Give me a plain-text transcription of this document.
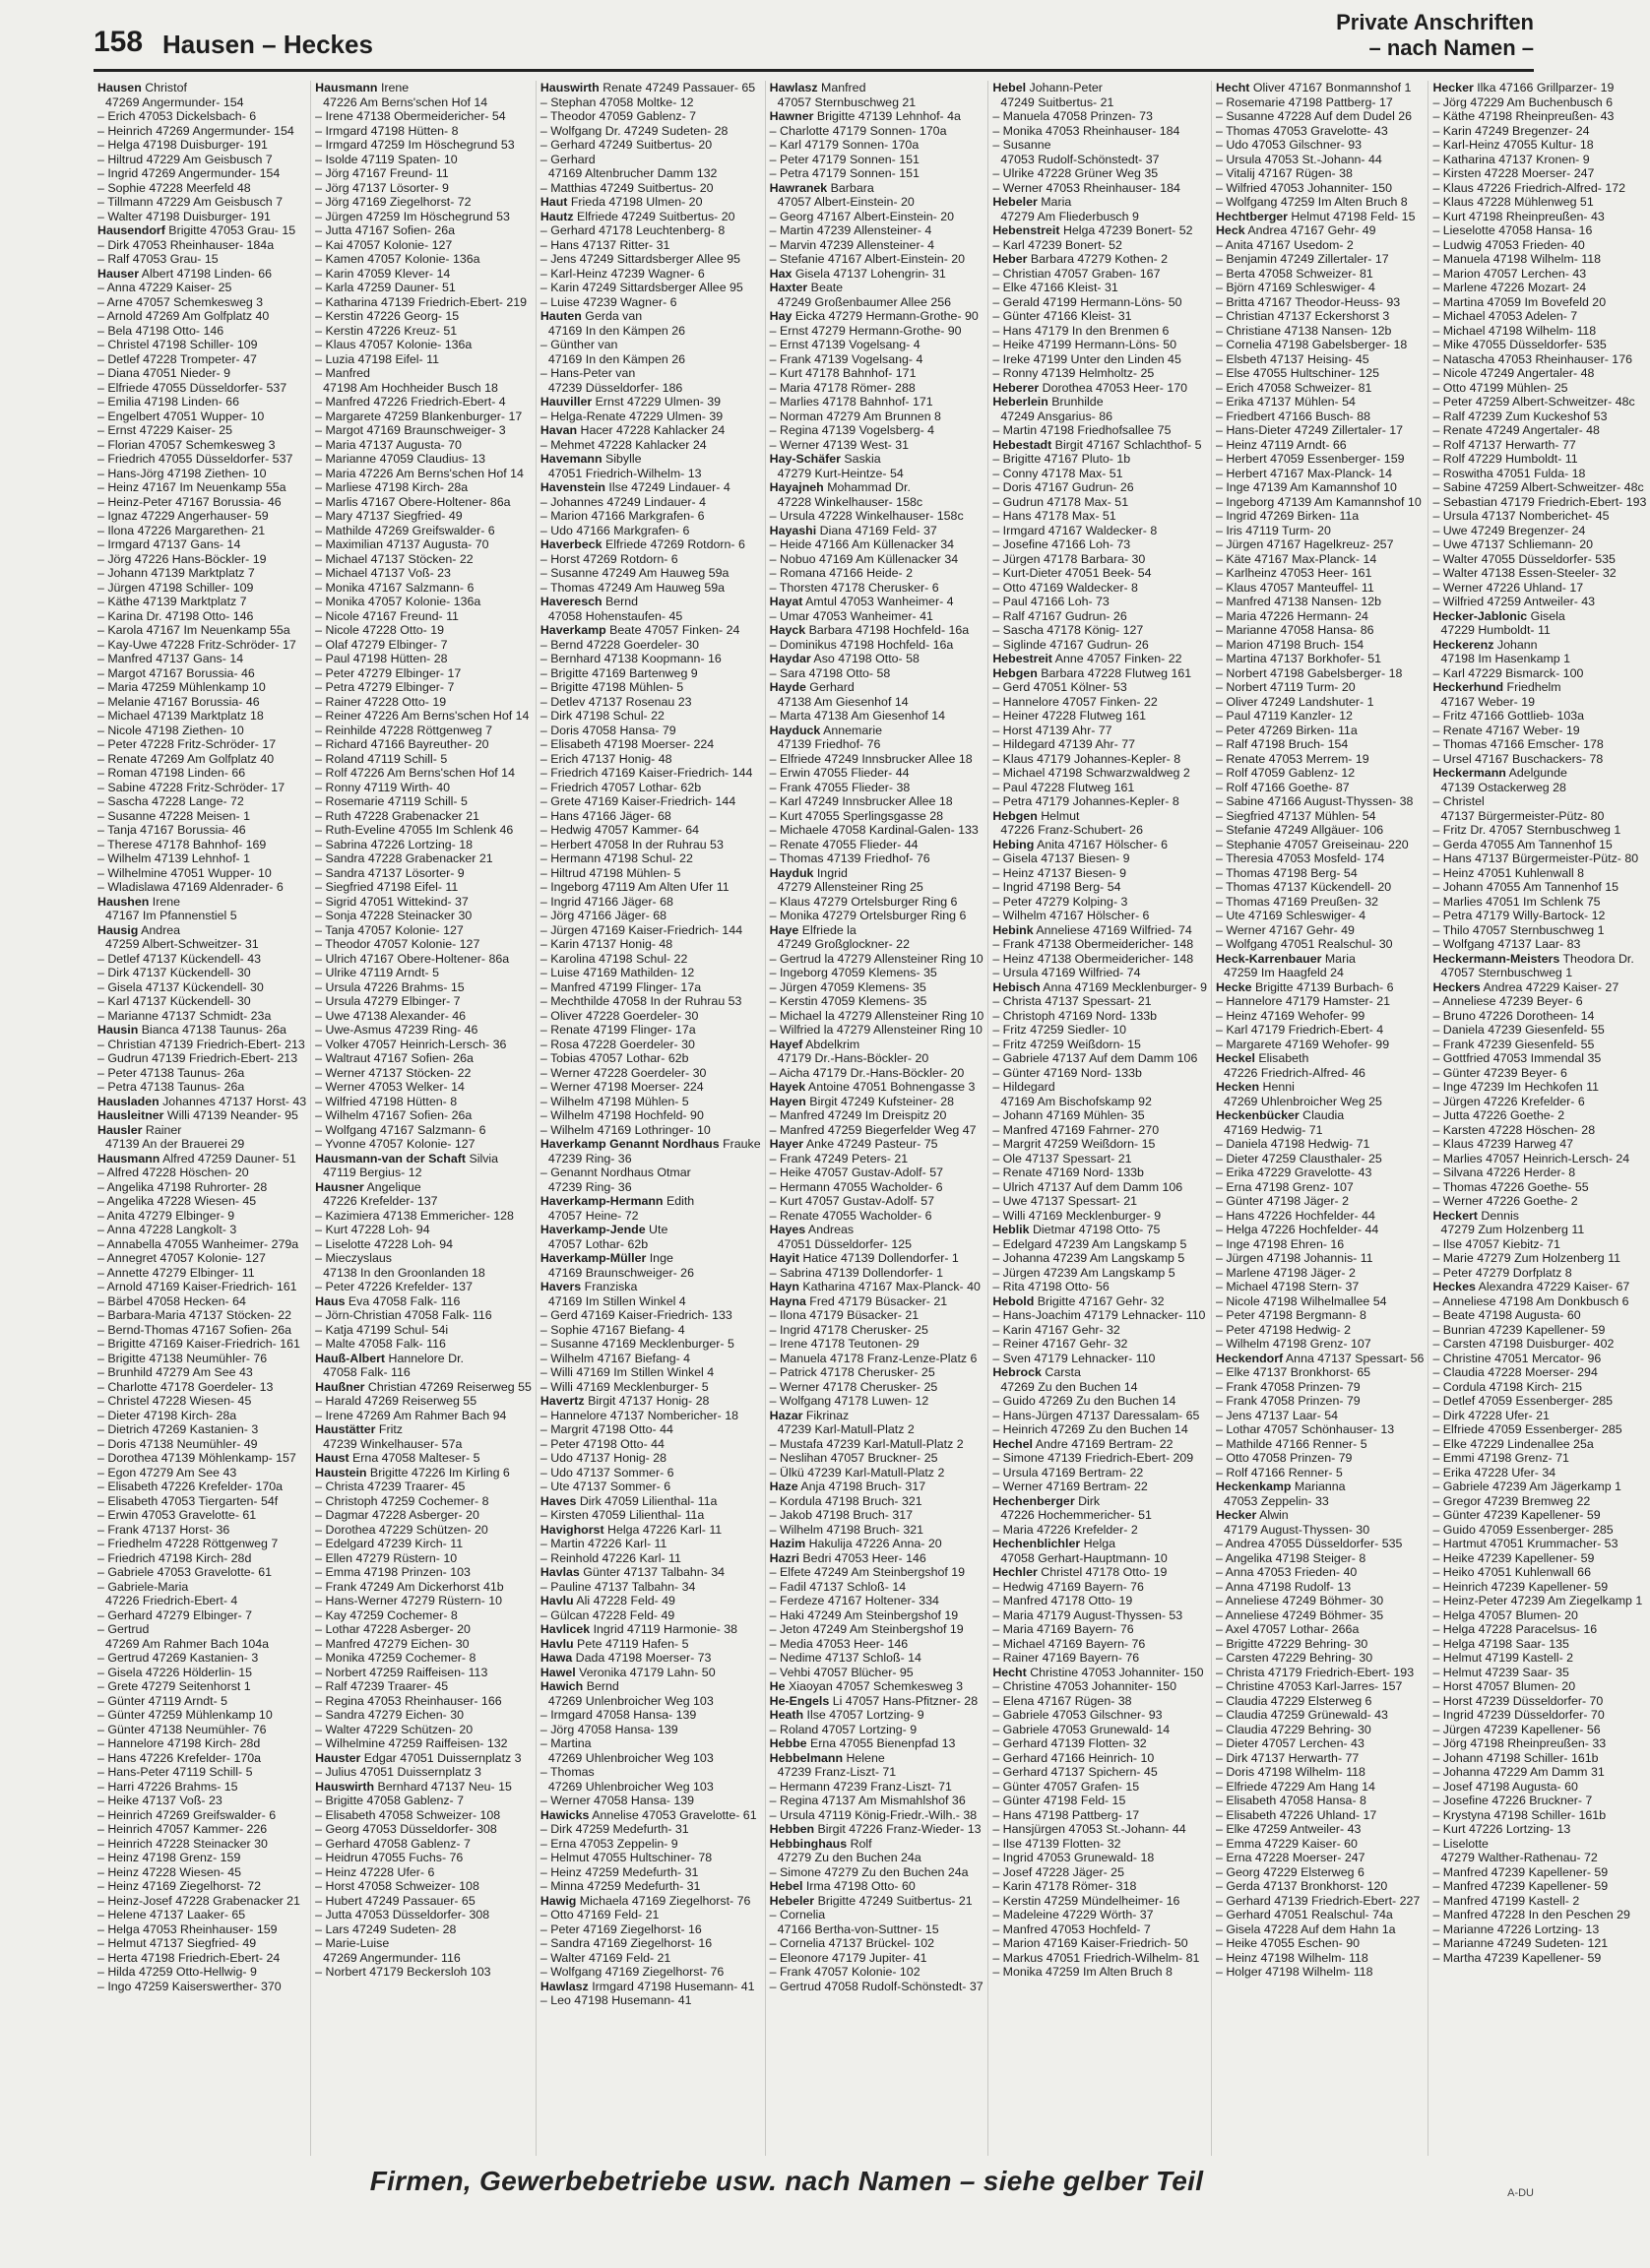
158 Hausen – Heckes
Private Anschriften
– nach Namen –
Hausen Christof
47269 Angermunder- 154
– Erich 47053 Dickelsbach- 6
– Heinrich 47269 Angermunder- 154
– Helga 47198 Duisburger- 191
– Hiltrud 47229 Am Geisbusch 7
– Ingrid 47269 Angermunder- 154
– Sophie 47228 Meerfeld 48
– Tillmann 47229 Am Geisbusch 7
– Walter 47198 Duisburger- 191
Hausendorf Brigitte 47053 Grau- 15
– Dirk 47053 Rheinhauser- 184a
– Ralf 47053 Grau- 15
Hauser Albert 47198 Linden- 66
– Anna 47229 Kaiser- 25
– Arne 47057 Schemkesweg 3
– Arnold 47269 Am Golfplatz 40
– Bela 47198 Otto- 146
– Christel 47198 Schiller- 109
– Detlef 47228 Trompeter- 47
– Diana 47051 Nieder- 9
– Elfriede 47055 Düsseldorfer- 537
– Emilia 47198 Linden- 66
– Engelbert 47051 Wupper- 10
– Ernst 47229 Kaiser- 25
– Florian 47057 Schemkesweg 3
– Friedrich 47055 Düsseldorfer- 537
– Hans-Jörg 47198 Ziethen- 10
– Heinz 47167 Im Neuenkamp 55a
– Heinz-Peter 47167 Borussia- 46
– Ignaz 47229 Angerhauser- 59
– Ilona 47226 Margarethen- 21
– Irmgard 47137 Gans- 14
– Jörg 47226 Hans-Böckler- 19
– Johann 47139 Marktplatz 7
– Jürgen 47198 Schiller- 109
– Käthe 47139 Marktplatz 7
– Karina Dr. 47198 Otto- 146
– Karola 47167 Im Neuenkamp 55a
– Kay-Uwe 47228 Fritz-Schröder- 17
– Manfred 47137 Gans- 14
– Margot 47167 Borussia- 46
– Maria 47259 Mühlenkamp 10
– Melanie 47167 Borussia- 46
– Michael 47139 Marktplatz 18
– Nicole 47198 Ziethen- 10
– Peter 47228 Fritz-Schröder- 17
– Renate 47269 Am Golfplatz 40
– Roman 47198 Linden- 66
– Sabine 47228 Fritz-Schröder- 17
– Sascha 47228 Lange- 72
– Susanne 47228 Meisen- 1
– Tanja 47167 Borussia- 46
– Therese 47178 Bahnhof- 169
– Wilhelm 47139 Lehnhof- 1
– Wilhelmine 47051 Wupper- 10
– Wladislawa 47169 Aldenrader- 6
Haushen Irene
47167 Im Pfannenstiel 5
Hausig Andrea
47259 Albert-Schweitzer- 31
– Detlef 47137 Kückendell- 43
– Dirk 47137 Kückendell- 30
– Gisela 47137 Kückendell- 30
– Karl 47137 Kückendell- 30
– Marianne 47137 Schmidt- 23a
Hausin Bianca 47138 Taunus- 26a
– Christian 47139 Friedrich-Ebert- 213
– Gudrun 47139 Friedrich-Ebert- 213
– Peter 47138 Taunus- 26a
– Petra 47138 Taunus- 26a
Hausladen Johannes 47137 Horst- 43
Hausleitner Willi 47139 Neander- 95
Hausler Rainer
47139 An der Brauerei 29
Hausmann Alfred 47259 Dauner- 51
– Alfred 47228 Höschen- 20
– Angelika 47198 Ruhrorter- 28
– Angelika 47228 Wiesen- 45
– Anita 47279 Elbinger- 9
– Anna 47228 Langkolt- 3
– Annabella 47055 Wanheimer- 279a
– Annegret 47057 Kolonie- 127
– Annette 47279 Elbinger- 11
– Arnold 47169 Kaiser-Friedrich- 161
– Bärbel 47058 Hecken- 64
– Barbara-Maria 47137 Stöcken- 22
– Bernd-Thomas 47167 Sofien- 26a
– Brigitte 47169 Kaiser-Friedrich- 161
– Brigitte 47138 Neumühler- 76
– Brunhild 47279 Am See 43
– Charlotte 47178 Goerdeler- 13
– Christel 47228 Wiesen- 45
– Dieter 47198 Kirch- 28a
– Dietrich 47269 Kastanien- 3
– Doris 47138 Neumühler- 49
– Dorothea 47139 Möhlenkamp- 157
– Egon 47279 Am See 43
– Elisabeth 47226 Krefelder- 170a
– Elisabeth 47053 Tiergarten- 54f
– Erwin 47053 Gravelotte- 61
– Frank 47137 Horst- 36
– Friedhelm 47228 Röttgenweg 7
– Friedrich 47198 Kirch- 28d
– Gabriele 47053 Gravelotte- 61
– Gabriele-Maria
47226 Friedrich-Ebert- 4
– Gerhard 47279 Elbinger- 7
– Gertrud
47269 Am Rahmer Bach 104a
– Gertrud 47269 Kastanien- 3
– Gisela 47226 Hölderlin- 15
– Grete 47279 Seitenhorst 1
– Günter 47119 Arndt- 5
– Günter 47259 Mühlenkamp 10
– Günter 47138 Neumühler- 76
– Hannelore 47198 Kirch- 28d
– Hans 47226 Krefelder- 170a
– Hans-Peter 47119 Schill- 5
– Harri 47226 Brahms- 15
– Heike 47137 Voß- 23
– Heinrich 47269 Greifswalder- 6
– Heinrich 47057 Kammer- 226
– Heinrich 47228 Steinacker 30
– Heinz 47198 Grenz- 159
– Heinz 47228 Wiesen- 45
– Heinz 47169 Ziegelhorst- 72
– Heinz-Josef 47228 Grabenacker 21
– Helene 47137 Laaker- 65
– Helga 47053 Rheinhauser- 159
– Helmut 47137 Siegfried- 49
– Herta 47198 Friedrich-Ebert- 24
– Hilda 47259 Otto-Hellwig- 9
– Ingo 47259 Kaiserswerther- 370
Hausmann Irene
47226 Am Berns'schen Hof 14
– Irene 47138 Obermeidericher- 54
– Irmgard 47198 Hütten- 8
– Irmgard 47259 Im Höschegrund 53
– Isolde 47119 Spaten- 10
– Jörg 47167 Freund- 11
– Jörg 47137 Lösorter- 9
– Jörg 47169 Ziegelhorst- 72
– Jürgen 47259 Im Höschegrund 53
– Jutta 47167 Sofien- 26a
– Kai 47057 Kolonie- 127
– Kamen 47057 Kolonie- 136a
– Karin 47059 Klever- 14
– Karla 47259 Dauner- 51
– Katharina 47139 Friedrich-Ebert- 219
– Kerstin 47226 Georg- 15
– Kerstin 47226 Kreuz- 51
– Klaus 47057 Kolonie- 136a
– Luzia 47198 Eifel- 11
– Manfred
47198 Am Hochheider Busch 18
– Manfred 47226 Friedrich-Ebert- 4
– Margarete 47259 Blankenburger- 17
– Margot 47169 Braunschweiger- 3
– Maria 47137 Augusta- 70
– Marianne 47059 Claudius- 13
– Maria 47226 Am Berns'schen Hof 14
– Marliese 47198 Kirch- 28a
– Marlis 47167 Obere-Holtener- 86a
– Mary 47137 Siegfried- 49
– Mathilde 47269 Greifswalder- 6
– Maximilian 47137 Augusta- 70
– Michael 47137 Stöcken- 22
– Michael 47137 Voß- 23
– Monika 47167 Salzmann- 6
– Monika 47057 Kolonie- 136a
– Nicole 47167 Freund- 11
– Nicole 47228 Otto- 19
– Olaf 47279 Elbinger- 7
– Paul 47198 Hütten- 28
– Peter 47279 Elbinger- 17
– Petra 47279 Elbinger- 7
– Rainer 47228 Otto- 19
– Reiner 47226 Am Berns'schen Hof 14
– Reinhilde 47228 Röttgenweg 7
– Richard 47166 Bayreuther- 20
– Roland 47119 Schill- 5
– Rolf 47226 Am Berns'schen Hof 14
– Ronny 47119 Wirth- 40
– Rosemarie 47119 Schill- 5
– Ruth 47228 Grabenacker 21
– Ruth-Eveline 47055 Im Schlenk 46
– Sabrina 47226 Lortzing- 18
– Sandra 47228 Grabenacker 21
– Sandra 47137 Lösorter- 9
– Siegfried 47198 Eifel- 11
– Sigrid 47051 Wittekind- 37
– Sonja 47228 Steinacker 30
– Tanja 47057 Kolonie- 127
– Theodor 47057 Kolonie- 127
– Ulrich 47167 Obere-Holtener- 86a
– Ulrike 47119 Arndt- 5
– Ursula 47226 Brahms- 15
– Ursula 47279 Elbinger- 7
– Uwe 47138 Alexander- 46
– Uwe-Asmus 47239 Ring- 46
– Volker 47057 Heinrich-Lersch- 36
– Waltraut 47167 Sofien- 26a
– Werner 47137 Stöcken- 22
– Werner 47053 Welker- 14
– Wilfried 47198 Hütten- 8
– Wilhelm 47167 Sofien- 26a
– Wolfgang 47167 Salzmann- 6
– Yvonne 47057 Kolonie- 127
Hausmann-van der Schaft Silvia
47119 Bergius- 12
Hausner Angelique
47226 Krefelder- 137
– Kazimiera 47138 Emmericher- 128
– Kurt 47228 Loh- 94
– Liselotte 47228 Loh- 94
– Mieczyslaus
47138 In den Groonlanden 18
– Peter 47226 Krefelder- 137
Haus Eva 47058 Falk- 116
– Jörn-Christian 47058 Falk- 116
– Katja 47199 Schul- 54i
– Malte 47058 Falk- 116
Hauß-Albert Hannelore Dr.
47058 Falk- 116
Haußner Christian 47269 Reiserweg 55
– Harald 47269 Reiserweg 55
– Irene 47269 Am Rahmer Bach 94
Haustätter Fritz
47239 Winkelhauser- 57a
Haust Erna 47058 Malteser- 5
Haustein Brigitte 47226 Im Kirling 6
– Christa 47239 Traarer- 45
– Christoph 47259 Cochemer- 8
– Dagmar 47228 Asberger- 20
– Dorothea 47229 Schützen- 20
– Edelgard 47239 Kirch- 11
– Ellen 47279 Rüstern- 10
– Emma 47198 Prinzen- 103
– Frank 47249 Am Dickerhorst 41b
– Hans-Werner 47279 Rüstern- 10
– Kay 47259 Cochemer- 8
– Lothar 47228 Asberger- 20
– Manfred 47279 Eichen- 30
– Monika 47259 Cochemer- 8
– Norbert 47259 Raiffeisen- 113
– Ralf 47239 Traarer- 45
– Regina 47053 Rheinhauser- 166
– Sandra 47279 Eichen- 30
– Walter 47229 Schützen- 20
– Wilhelmine 47259 Raiffeisen- 132
Hauster Edgar 47051 Duissernplatz 3
– Julius 47051 Duissernplatz 3
Hauswirth Bernhard 47137 Neu- 15
– Brigitte 47058 Gablenz- 7
– Elisabeth 47058 Schweizer- 108
– Georg 47053 Düsseldorfer- 308
– Gerhard 47058 Gablenz- 7
– Heidrun 47055 Fuchs- 76
– Heinz 47228 Ufer- 6
– Horst 47058 Schweizer- 108
– Hubert 47249 Passauer- 65
– Jutta 47053 Düsseldorfer- 308
– Lars 47249 Sudeten- 28
– Marie-Luise
47269 Angermunder- 116
– Norbert 47179 Beckersloh 103
Hauswirth Renate 47249 Passauer- 65
– Stephan 47058 Moltke- 12
– Theodor 47059 Gablenz- 7
– Wolfgang Dr. 47249 Sudeten- 28
– Gerhard 47249 Suitbertus- 20
– Gerhard
47169 Altenbrucher Damm 132
– Matthias 47249 Suitbertus- 20
Haut Frieda 47198 Ulmen- 20
Hautz Elfriede 47249 Suitbertus- 20
– Gerhard 47178 Leuchtenberg- 8
– Hans 47137 Ritter- 31
– Jens 47249 Sittardsberger Allee 95
– Karl-Heinz 47239 Wagner- 6
– Karin 47249 Sittardsberger Allee 95
– Luise 47239 Wagner- 6
Hauten Gerda van
47169 In den Kämpen 26
– Günther van
47169 In den Kämpen 26
– Hans-Peter van
47239 Düsseldorfer- 186
Hauviller Ernst 47229 Ulmen- 39
– Helga-Renate 47229 Ulmen- 39
Havan Hacer 47228 Kahlacker 24
– Mehmet 47228 Kahlacker 24
Havemann Sibylle
47051 Friedrich-Wilhelm- 13
Havenstein Ilse 47249 Lindauer- 4
– Johannes 47249 Lindauer- 4
– Marion 47166 Markgrafen- 6
– Udo 47166 Markgrafen- 6
Haverbeck Elfriede 47269 Rotdorn- 6
– Horst 47269 Rotdorn- 6
– Susanne 47249 Am Hauweg 59a
– Thomas 47249 Am Hauweg 59a
Haveresch Bernd
47058 Hohenstaufen- 45
Haverkamp Beate 47057 Finken- 24
– Bernd 47228 Goerdeler- 30
– Bernhard 47138 Koopmann- 16
– Brigitte 47169 Bartenweg 9
– Brigitte 47198 Mühlen- 5
– Detlev 47137 Rosenau 23
– Dirk 47198 Schul- 22
– Doris 47058 Hansa- 79
– Elisabeth 47198 Moerser- 224
– Erich 47137 Honig- 48
– Friedrich 47169 Kaiser-Friedrich- 144
– Friedrich 47057 Lothar- 62b
– Grete 47169 Kaiser-Friedrich- 144
– Hans 47166 Jäger- 68
– Hedwig 47057 Kammer- 64
– Herbert 47058 In der Ruhrau 53
– Hermann 47198 Schul- 22
– Hiltrud 47198 Mühlen- 5
– Ingeborg 47119 Am Alten Ufer 11
– Ingrid 47166 Jäger- 68
– Jörg 47166 Jäger- 68
– Jürgen 47169 Kaiser-Friedrich- 144
– Karin 47137 Honig- 48
– Karolina 47198 Schul- 22
– Luise 47169 Mathilden- 12
– Manfred 47199 Flinger- 17a
– Mechthilde 47058 In der Ruhrau 53
– Oliver 47228 Goerdeler- 30
– Renate 47199 Flinger- 17a
– Rosa 47228 Goerdeler- 30
– Tobias 47057 Lothar- 62b
– Werner 47228 Goerdeler- 30
– Werner 47198 Moerser- 224
– Wilhelm 47198 Mühlen- 5
– Wilhelm 47198 Hochfeld- 90
– Wilhelm 47169 Lothringer- 10
Haverkamp Genannt Nordhaus Frauke
47239 Ring- 36
– Genannt Nordhaus Otmar
47239 Ring- 36
Haverkamp-Hermann Edith
47057 Heine- 72
Haverkamp-Jende Ute
47057 Lothar- 62b
Haverkamp-Müller Inge
47169 Braunschweiger- 26
Havers Franziska
47169 Im Stillen Winkel 4
– Gerd 47169 Kaiser-Friedrich- 133
– Sophie 47167 Biefang- 4
– Susanne 47169 Mecklenburger- 5
– Wilhelm 47167 Biefang- 4
– Willi 47169 Im Stillen Winkel 4
– Willi 47169 Mecklenburger- 5
Havertz Birgit 47137 Honig- 28
– Hannelore 47137 Nombericher- 18
– Margrit 47198 Otto- 44
– Peter 47198 Otto- 44
– Udo 47137 Honig- 28
– Udo 47137 Sommer- 6
– Ute 47137 Sommer- 6
Haves Dirk 47059 Lilienthal- 11a
– Kirsten 47059 Lilienthal- 11a
Havighorst Helga 47226 Karl- 11
– Martin 47226 Karl- 11
– Reinhold 47226 Karl- 11
Havlas Günter 47137 Talbahn- 34
– Pauline 47137 Talbahn- 34
Havlu Ali 47228 Feld- 49
– Gülcan 47228 Feld- 49
Havlicek Ingrid 47119 Harmonie- 38
Havlu Pete 47119 Hafen- 5
Hawa Dada 47198 Moerser- 73
Hawel Veronika 47179 Lahn- 50
Hawich Bernd
47269 Unlenbroicher Weg 103
– Irmgard 47058 Hansa- 139
– Jörg 47058 Hansa- 139
– Martina
47269 Uhlenbroicher Weg 103
– Thomas
47269 Uhlenbroicher Weg 103
– Werner 47058 Hansa- 139
Hawicks Annelise 47053 Gravelotte- 61
– Dirk 47259 Medefurth- 31
– Erna 47053 Zeppelin- 9
– Helmut 47055 Hultschiner- 78
– Heinz 47259 Medefurth- 31
– Minna 47259 Medefurth- 31
Hawig Michaela 47169 Ziegelhorst- 76
– Otto 47169 Feld- 21
– Peter 47169 Ziegelhorst- 16
– Sandra 47169 Ziegelhorst- 16
– Walter 47169 Feld- 21
– Wolfgang 47169 Ziegelhorst- 76
Hawlasz Irmgard 47198 Husemann- 41
– Leo 47198 Husemann- 41
Hawlasz Manfred
47057 Sternbuschweg 21
Hawner Brigitte 47139 Lehnhof- 4a
– Charlotte 47179 Sonnen- 170a
– Karl 47179 Sonnen- 170a
– Peter 47179 Sonnen- 151
– Petra 47179 Sonnen- 151
Hawranek Barbara
47057 Albert-Einstein- 20
– Georg 47167 Albert-Einstein- 20
– Martin 47239 Allensteiner- 4
– Marvin 47239 Allensteiner- 4
– Stefanie 47167 Albert-Einstein- 20
Hax Gisela 47137 Lohengrin- 31
Haxter Beate
47249 Großenbaumer Allee 256
Hay Eicka 47279 Hermann-Grothe- 90
– Ernst 47279 Hermann-Grothe- 90
– Ernst 47139 Vogelsang- 4
– Frank 47139 Vogelsang- 4
– Kurt 47178 Bahnhof- 171
– Maria 47178 Römer- 288
– Marlies 47178 Bahnhof- 171
– Norman 47279 Am Brunnen 8
– Regina 47139 Vogelsberg- 4
– Werner 47139 West- 31
Hay-Schäfer Saskia
47279 Kurt-Heintze- 54
Hayajneh Mohammad Dr.
47228 Winkelhauser- 158c
– Ursula 47228 Winkelhauser- 158c
Hayashi Diana 47169 Feld- 37
– Heide 47166 Am Küllenacker 34
– Nobuo 47169 Am Küllenacker 34
– Romana 47166 Heide- 2
– Thorsten 47178 Cherusker- 6
Hayat Amtul 47053 Wanheimer- 4
– Umar 47053 Wanheimer- 41
Hayck Barbara 47198 Hochfeld- 16a
– Dominikus 47198 Hochfeld- 16a
Haydar Aso 47198 Otto- 58
– Sara 47198 Otto- 58
Hayde Gerhard
47138 Am Giesenhof 14
– Marta 47138 Am Giesenhof 14
Hayduck Annemarie
47139 Friedhof- 76
– Elfriede 47249 Innsbrucker Allee 18
– Erwin 47055 Flieder- 44
– Frank 47055 Flieder- 38
– Karl 47249 Innsbrucker Allee 18
– Kurt 47055 Sperlingsgasse 28
– Michaele 47058 Kardinal-Galen- 133
– Renate 47055 Flieder- 44
– Thomas 47139 Friedhof- 76
Hayduk Ingrid
47279 Allensteiner Ring 25
– Klaus 47279 Ortelsburger Ring 6
– Monika 47279 Ortelsburger Ring 6
Haye Elfriede la
47249 Großglockner- 22
– Gertrud la 47279 Allensteiner Ring 10
– Ingeborg 47059 Klemens- 35
– Jürgen 47059 Klemens- 35
– Kerstin 47059 Klemens- 35
– Michael la 47279 Allensteiner Ring 10
– Wilfried la 47279 Allensteiner Ring 10
Hayef Abdelkrim
47179 Dr.-Hans-Böckler- 20
– Aicha 47179 Dr.-Hans-Böckler- 20
Hayek Antoine 47051 Bohnengasse 3
Hayen Birgit 47249 Kufsteiner- 28
– Manfred 47249 Im Dreispitz 20
– Manfred 47259 Biegerfelder Weg 47
Hayer Anke 47249 Pasteur- 75
– Frank 47249 Peters- 21
– Heike 47057 Gustav-Adolf- 57
– Hermann 47055 Wacholder- 6
– Kurt 47057 Gustav-Adolf- 57
– Renate 47055 Wacholder- 6
Hayes Andreas
47051 Düsseldorfer- 125
Hayit Hatice 47139 Dollendorfer- 1
– Sabrina 47139 Dollendorfer- 1
Hayn Katharina 47167 Max-Planck- 40
Hayna Fred 47179 Büsacker- 21
– Ilona 47179 Büsacker- 21
– Ingrid 47178 Cherusker- 25
– Irene 47178 Teutonen- 29
– Manuela 47178 Franz-Lenze-Platz 6
– Patrick 47178 Cherusker- 25
– Werner 47178 Cherusker- 25
– Wolfgang 47178 Luwen- 12
Hazar Fikrinaz
47239 Karl-Matull-Platz 2
– Mustafa 47239 Karl-Matull-Platz 2
– Neslihan 47057 Bruckner- 25
– Ülkü 47239 Karl-Matull-Platz 2
Haze Anja 47198 Bruch- 317
– Kordula 47198 Bruch- 321
– Jakob 47198 Bruch- 317
– Wilhelm 47198 Bruch- 321
Hazim Hakulija 47226 Anna- 20
Hazri Bedri 47053 Heer- 146
– Elfete 47249 Am Steinbergshof 19
– Fadil 47137 Schloß- 14
– Ferdeze 47167 Holtener- 334
– Haki 47249 Am Steinbergshof 19
– Jeton 47249 Am Steinbergshof 19
– Media 47053 Heer- 146
– Nedime 47137 Schloß- 14
– Vehbi 47057 Blücher- 95
He Xiaoyan 47057 Schemkesweg 3
He-Engels Li 47057 Hans-Pfitzner- 28
Heath Ilse 47057 Lortzing- 9
– Roland 47057 Lortzing- 9
Hebbe Erna 47055 Bienenpfad 13
Hebbelmann Helene
47239 Franz-Liszt- 71
– Hermann 47239 Franz-Liszt- 71
– Regina 47137 Am Mismahlshof 36
– Ursula 47119 König-Friedr.-Wilh.- 38
Hebben Birgit 47226 Franz-Wieder- 13
Hebbinghaus Rolf
47279 Zu den Buchen 24a
– Simone 47279 Zu den Buchen 24a
Hebel Irma 47198 Otto- 60
Hebeler Brigitte 47249 Suitbertus- 21
– Cornelia
47166 Bertha-von-Suttner- 15
– Cornelia 47137 Brückel- 102
– Eleonore 47179 Jupiter- 41
– Frank 47057 Kolonie- 102
– Gertrud 47058 Rudolf-Schönstedt- 37
Hebel Johann-Peter
47249 Suitbertus- 21
– Manuela 47058 Prinzen- 73
– Monika 47053 Rheinhauser- 184
– Susanne
47053 Rudolf-Schönstedt- 37
– Ulrike 47228 Grüner Weg 35
– Werner 47053 Rheinhauser- 184
Hebeler Maria
47279 Am Fliederbusch 9
Hebenstreit Helga 47239 Bonert- 52
– Karl 47239 Bonert- 52
Heber Barbara 47279 Kothen- 2
– Christian 47057 Graben- 167
– Elke 47166 Kleist- 31
– Gerald 47199 Hermann-Löns- 50
– Günter 47166 Kleist- 31
– Hans 47179 In den Brenmen 6
– Heike 47199 Hermann-Löns- 50
– Ireke 47199 Unter den Linden 45
– Ronny 47139 Helmholtz- 25
Heberer Dorothea 47053 Heer- 170
Heberlein Brunhilde
47249 Ansgarius- 86
– Martin 47198 Friedhofsallee 75
Hebestadt Birgit 47167 Schlachthof- 5
– Brigitte 47167 Pluto- 1b
– Conny 47178 Max- 51
– Doris 47167 Gudrun- 26
– Gudrun 47178 Max- 51
– Hans 47178 Max- 51
– Irmgard 47167 Waldecker- 8
– Josefine 47166 Loh- 73
– Jürgen 47178 Barbara- 30
– Kurt-Dieter 47051 Beek- 54
– Otto 47169 Waldecker- 8
– Paul 47166 Loh- 73
– Ralf 47167 Gudrun- 26
– Sascha 47178 König- 127
– Siglinde 47167 Gudrun- 26
Hebestreit Anne 47057 Finken- 22
Hebgen Barbara 47228 Flutweg 161
– Gerd 47051 Kölner- 53
– Hannelore 47057 Finken- 22
– Heiner 47228 Flutweg 161
– Horst 47139 Ahr- 77
– Hildegard 47139 Ahr- 77
– Klaus 47179 Johannes-Kepler- 8
– Michael 47198 Schwarzwaldweg 2
– Paul 47228 Flutweg 161
– Petra 47179 Johannes-Kepler- 8
Hebgen Helmut
47226 Franz-Schubert- 26
Hebing Anita 47167 Hölscher- 6
– Gisela 47137 Biesen- 9
– Heinz 47137 Biesen- 9
– Ingrid 47198 Berg- 54
– Peter 47279 Kolping- 3
– Wilhelm 47167 Hölscher- 6
Hebink Anneliese 47169 Wilfried- 74
– Frank 47138 Obermeidericher- 148
– Heinz 47138 Obermeidericher- 148
– Ursula 47169 Wilfried- 74
Hebisch Anna 47169 Mecklenburger- 9
– Christa 47137 Spessart- 21
– Christoph 47169 Nord- 133b
– Fritz 47259 Siedler- 10
– Fritz 47259 Weißdorn- 15
– Gabriele 47137 Auf dem Damm 106
– Günter 47169 Nord- 133b
– Hildegard
47169 Am Bischofskamp 92
– Johann 47169 Mühlen- 35
– Manfred 47169 Fahrner- 270
– Margrit 47259 Weißdorn- 15
– Ole 47137 Spessart- 21
– Renate 47169 Nord- 133b
– Ulrich 47137 Auf dem Damm 106
– Uwe 47137 Spessart- 21
– Willi 47169 Mecklenburger- 9
Heblik Dietmar 47198 Otto- 75
– Edelgard 47239 Am Langskamp 5
– Johanna 47239 Am Langskamp 5
– Jürgen 47239 Am Langskamp 5
– Rita 47198 Otto- 56
Hebold Brigitte 47167 Gehr- 32
– Hans-Joachim 47179 Lehnacker- 110
– Karin 47167 Gehr- 32
– Reiner 47167 Gehr- 32
– Sven 47179 Lehnacker- 110
Hebrock Carsta
47269 Zu den Buchen 14
– Guido 47269 Zu den Buchen 14
– Hans-Jürgen 47137 Daressalam- 65
– Heinrich 47269 Zu den Buchen 14
Hechel Andre 47169 Bertram- 22
– Simone 47139 Friedrich-Ebert- 209
– Ursula 47169 Bertram- 22
– Werner 47169 Bertram- 22
Hechenberger Dirk
47226 Hochemmericher- 51
– Maria 47226 Krefelder- 2
Hechenblichler Helga
47058 Gerhart-Hauptmann- 10
Hechler Christel 47178 Otto- 19
– Hedwig 47169 Bayern- 76
– Manfred 47178 Otto- 19
– Maria 47179 August-Thyssen- 53
– Maria 47169 Bayern- 76
– Michael 47169 Bayern- 76
– Rainer 47169 Bayern- 76
Hecht Christine 47053 Johanniter- 150
– Christine 47053 Johanniter- 150
– Elena 47167 Rügen- 38
– Gabriele 47053 Gilschner- 93
– Gabriele 47053 Grunewald- 14
– Gerhard 47139 Flotten- 32
– Gerhard 47166 Heinrich- 10
– Gerhard 47137 Spichern- 45
– Günter 47057 Grafen- 15
– Günter 47198 Feld- 15
– Hans 47198 Pattberg- 17
– Hansjürgen 47053 St.-Johann- 44
– Ilse 47139 Flotten- 32
– Ingrid 47053 Grunewald- 18
– Josef 47228 Jäger- 25
– Karin 47178 Römer- 318
– Kerstin 47259 Mündelheimer- 16
– Madeleine 47229 Wörth- 37
– Manfred 47053 Hochfeld- 7
– Marion 47169 Kaiser-Friedrich- 50
– Markus 47051 Friedrich-Wilhelm- 81
– Monika 47259 Im Alten Bruch 8
Hecht Oliver 47167 Bonmannshof 1
– Rosemarie 47198 Pattberg- 17
– Susanne 47228 Auf dem Dudel 26
– Thomas 47053 Gravelotte- 43
– Udo 47053 Gilschner- 93
– Ursula 47053 St.-Johann- 44
– Vitalij 47167 Rügen- 38
– Wilfried 47053 Johanniter- 150
– Wolfgang 47259 Im Alten Bruch 8
Hechtberger Helmut 47198 Feld- 15
Heck Andrea 47167 Gehr- 49
– Anita 47167 Usedom- 2
– Benjamin 47249 Zillertaler- 17
– Berta 47058 Schweizer- 81
– Björn 47169 Schleswiger- 4
– Britta 47167 Theodor-Heuss- 93
– Christian 47137 Eckershorst 3
– Christiane 47138 Nansen- 12b
– Cornelia 47198 Gabelsberger- 18
– Elsbeth 47137 Heising- 45
– Else 47055 Hultschiner- 125
– Erich 47058 Schweizer- 81
– Erika 47137 Mühlen- 54
– Friedbert 47166 Busch- 88
– Hans-Dieter 47249 Zillertaler- 17
– Heinz 47119 Arndt- 66
– Herbert 47059 Essenberger- 159
– Herbert 47167 Max-Planck- 14
– Inge 47139 Am Kamannshof 10
– Ingeborg 47139 Am Kamannshof 10
– Ingrid 47269 Birken- 11a
– Iris 47119 Turm- 20
– Jürgen 47167 Hagelkreuz- 257
– Käte 47167 Max-Planck- 14
– Karlheinz 47053 Heer- 161
– Klaus 47057 Manteuffel- 11
– Manfred 47138 Nansen- 12b
– Maria 47226 Hermann- 24
– Marianne 47058 Hansa- 86
– Marion 47198 Bruch- 154
– Martina 47137 Borkhofer- 51
– Norbert 47198 Gabelsberger- 18
– Norbert 47119 Turm- 20
– Oliver 47249 Landshuter- 1
– Paul 47119 Kanzler- 12
– Peter 47269 Birken- 11a
– Ralf 47198 Bruch- 154
– Renate 47053 Merrem- 19
– Rolf 47059 Gablenz- 12
– Rolf 47166 Goethe- 87
– Sabine 47166 August-Thyssen- 38
– Siegfried 47137 Mühlen- 54
– Stefanie 47249 Allgäuer- 106
– Stephanie 47057 Greiseinau- 220
– Theresia 47053 Mosfeld- 174
– Thomas 47198 Berg- 54
– Thomas 47137 Kückendell- 20
– Thomas 47169 Preußen- 32
– Ute 47169 Schleswiger- 4
– Werner 47167 Gehr- 49
– Wolfgang 47051 Realschul- 30
Heck-Karrenbauer Maria
47259 Im Haagfeld 24
Hecke Brigitte 47139 Burbach- 6
– Hannelore 47179 Hamster- 21
– Heinz 47169 Wehofer- 99
– Karl 47179 Friedrich-Ebert- 4
– Margarete 47169 Wehofer- 99
Heckel Elisabeth
47226 Friedrich-Alfred- 46
Hecken Henni
47269 Uhlenbroicher Weg 25
Heckenbücker Claudia
47169 Hedwig- 71
– Daniela 47198 Hedwig- 71
– Dieter 47259 Clausthaler- 25
– Erika 47229 Gravelotte- 43
– Erna 47198 Grenz- 107
– Günter 47198 Jäger- 2
– Hans 47226 Hochfelder- 44
– Helga 47226 Hochfelder- 44
– Inge 47198 Ehren- 16
– Jürgen 47198 Johannis- 11
– Marlene 47198 Jäger- 2
– Michael 47198 Stern- 37
– Nicole 47198 Wilhelmallee 54
– Peter 47198 Bergmann- 8
– Peter 47198 Hedwig- 2
– Wilhelm 47198 Grenz- 107
Heckendorf Anna 47137 Spessart- 56
– Elke 47137 Bronkhorst- 65
– Frank 47058 Prinzen- 79
– Frank 47058 Prinzen- 79
– Jens 47137 Laar- 54
– Lothar 47057 Schönhauser- 13
– Mathilde 47166 Renner- 5
– Otto 47058 Prinzen- 79
– Rolf 47166 Renner- 5
Heckenkamp Marianna
47053 Zeppelin- 33
Hecker Alwin
47179 August-Thyssen- 30
– Andrea 47055 Düsseldorfer- 535
– Angelika 47198 Steiger- 8
– Anna 47053 Frieden- 40
– Anna 47198 Rudolf- 13
– Anneliese 47249 Böhmer- 30
– Anneliese 47249 Böhmer- 35
– Axel 47057 Lothar- 266a
– Brigitte 47229 Behring- 30
– Carsten 47229 Behring- 30
– Christa 47179 Friedrich-Ebert- 193
– Christine 47053 Karl-Jarres- 157
– Claudia 47229 Elsterweg 6
– Claudia 47259 Grünewald- 43
– Claudia 47229 Behring- 30
– Dieter 47057 Lerchen- 43
– Dirk 47137 Herwarth- 77
– Doris 47198 Wilhelm- 118
– Elfriede 47229 Am Hang 14
– Elisabeth 47058 Hansa- 8
– Elisabeth 47226 Uhland- 17
– Elke 47259 Antweiler- 43
– Emma 47229 Kaiser- 60
– Erna 47228 Moerser- 247
– Georg 47229 Elsterweg 6
– Gerda 47137 Bronkhorst- 120
– Gerhard 47139 Friedrich-Ebert- 227
– Gerhard 47051 Realschul- 74a
– Gisela 47228 Auf dem Hahn 1a
– Heike 47055 Eschen- 90
– Heinz 47198 Wilhelm- 118
– Holger 47198 Wilhelm- 118
Hecker Ilka 47166 Grillparzer- 19
– Jörg 47229 Am Buchenbusch 6
– Käthe 47198 Rheinpreußen- 43
– Karin 47249 Bregenzer- 24
– Karl-Heinz 47055 Kultur- 18
– Katharina 47137 Kronen- 9
– Kirsten 47228 Moerser- 247
– Klaus 47226 Friedrich-Alfred- 172
– Klaus 47228 Mühlenweg 51
– Kurt 47198 Rheinpreußen- 43
– Lieselotte 47058 Hansa- 16
– Ludwig 47053 Frieden- 40
– Manuela 47198 Wilhelm- 118
– Marion 47057 Lerchen- 43
– Marlene 47226 Mozart- 24
– Martina 47059 Im Bovefeld 20
– Michael 47053 Adelen- 7
– Michael 47198 Wilhelm- 118
– Mike 47055 Düsseldorfer- 535
– Natascha 47053 Rheinhauser- 176
– Nicole 47249 Angertaler- 48
– Otto 47199 Mühlen- 25
– Peter 47259 Albert-Schweitzer- 48c
– Ralf 47239 Zum Kuckeshof 53
– Renate 47249 Angertaler- 48
– Rolf 47137 Herwarth- 77
– Rolf 47229 Humboldt- 11
– Roswitha 47051 Fulda- 18
– Sabine 47259 Albert-Schweitzer- 48c
– Sebastian 47179 Friedrich-Ebert- 193
– Ursula 47137 Nomberichet- 45
– Uwe 47249 Bregenzer- 24
– Uwe 47137 Schliemann- 20
– Walter 47055 Düsseldorfer- 535
– Walter 47138 Essen-Steeler- 32
– Werner 47226 Uhland- 17
– Wilfried 47259 Antweiler- 43
Hecker-Jablonic Gisela
47229 Humboldt- 11
Heckerenz Johann
47198 Im Hasenkamp 1
– Karl 47229 Bismarck- 100
Heckerhund Friedhelm
47167 Weber- 19
– Fritz 47166 Gottlieb- 103a
– Renate 47167 Weber- 19
– Thomas 47166 Emscher- 178
– Ursel 47167 Buschackers- 78
Heckermann Adelgunde
47139 Ostackerweg 28
– Christel
47137 Bürgermeister-Pütz- 80
– Fritz Dr. 47057 Sternbuschweg 1
– Gerda 47055 Am Tannenhof 15
– Hans 47137 Bürgermeister-Pütz- 80
– Heinz 47051 Kuhlenwall 8
– Johann 47055 Am Tannenhof 15
– Marlies 47051 Im Schlenk 75
– Petra 47179 Willy-Bartock- 12
– Thilo 47057 Sternbuschweg 1
– Wolfgang 47137 Laar- 83
Heckermann-Meisters Theodora Dr.
47057 Sternbuschweg 1
Heckers Andrea 47229 Kaiser- 27
– Anneliese 47239 Beyer- 6
– Bruno 47226 Dorotheen- 14
– Daniela 47239 Giesenfeld- 55
– Frank 47239 Giesenfeld- 55
– Gottfried 47053 Immendal 35
– Günter 47239 Beyer- 6
– Inge 47239 Im Hechkofen 11
– Jürgen 47226 Krefelder- 6
– Jutta 47226 Goethe- 2
– Karsten 47228 Höschen- 28
– Klaus 47239 Harweg 47
– Marlies 47057 Heinrich-Lersch- 24
– Silvana 47226 Herder- 8
– Thomas 47226 Goethe- 55
– Werner 47226 Goethe- 2
Heckert Dennis
47279 Zum Holzenberg 11
– Ilse 47057 Kiebitz- 71
– Marie 47279 Zum Holzenberg 11
– Peter 47279 Dorfplatz 8
Heckes Alexandra 47229 Kaiser- 67
– Anneliese 47198 Am Donkbusch 6
– Beate 47198 Augusta- 60
– Bunrian 47239 Kapellener- 59
– Carsten 47198 Duisburger- 402
– Christine 47051 Mercator- 96
– Claudia 47228 Moerser- 294
– Cordula 47198 Kirch- 215
– Detlef 47059 Essenberger- 285
– Dirk 47228 Ufer- 21
– Elfriede 47059 Essenberger- 285
– Elke 47229 Lindenallee 25a
– Emmi 47198 Grenz- 71
– Erika 47228 Ufer- 34
– Gabriele 47239 Am Jägerkamp 1
– Gregor 47239 Bremweg 22
– Günter 47239 Kapellener- 59
– Guido 47059 Essenberger- 285
– Hartmut 47051 Krummacher- 53
– Heike 47239 Kapellener- 59
– Heiko 47051 Kuhlenwall 66
– Heinrich 47239 Kapellener- 59
– Heinz-Peter 47239 Am Ziegelkamp 1
– Helga 47057 Blumen- 20
– Helga 47228 Paracelsus- 16
– Helga 47198 Saar- 135
– Helmut 47199 Kastell- 2
– Helmut 47239 Saar- 35
– Horst 47057 Blumen- 20
– Horst 47239 Düsseldorfer- 70
– Ingrid 47239 Düsseldorfer- 70
– Jürgen 47239 Kapellener- 56
– Jörg 47198 Rheinpreußen- 33
– Johann 47198 Schiller- 161b
– Johanna 47229 Am Damm 31
– Josef 47198 Augusta- 60
– Josefine 47226 Bruckner- 7
– Krystyna 47198 Schiller- 161b
– Kurt 47226 Lortzing- 13
– Liselotte
47279 Walther-Rathenau- 72
– Manfred 47239 Kapellener- 59
– Manfred 47239 Kapellener- 59
– Manfred 47199 Kastell- 2
– Manfred 47228 In den Peschen 29
– Marianne 47226 Lortzing- 13
– Marianne 47249 Sudeten- 121
– Martha 47239 Kapellener- 59
Firmen, Gewerbebetriebe usw. nach Namen – siehe gelber Teil	A-DU
